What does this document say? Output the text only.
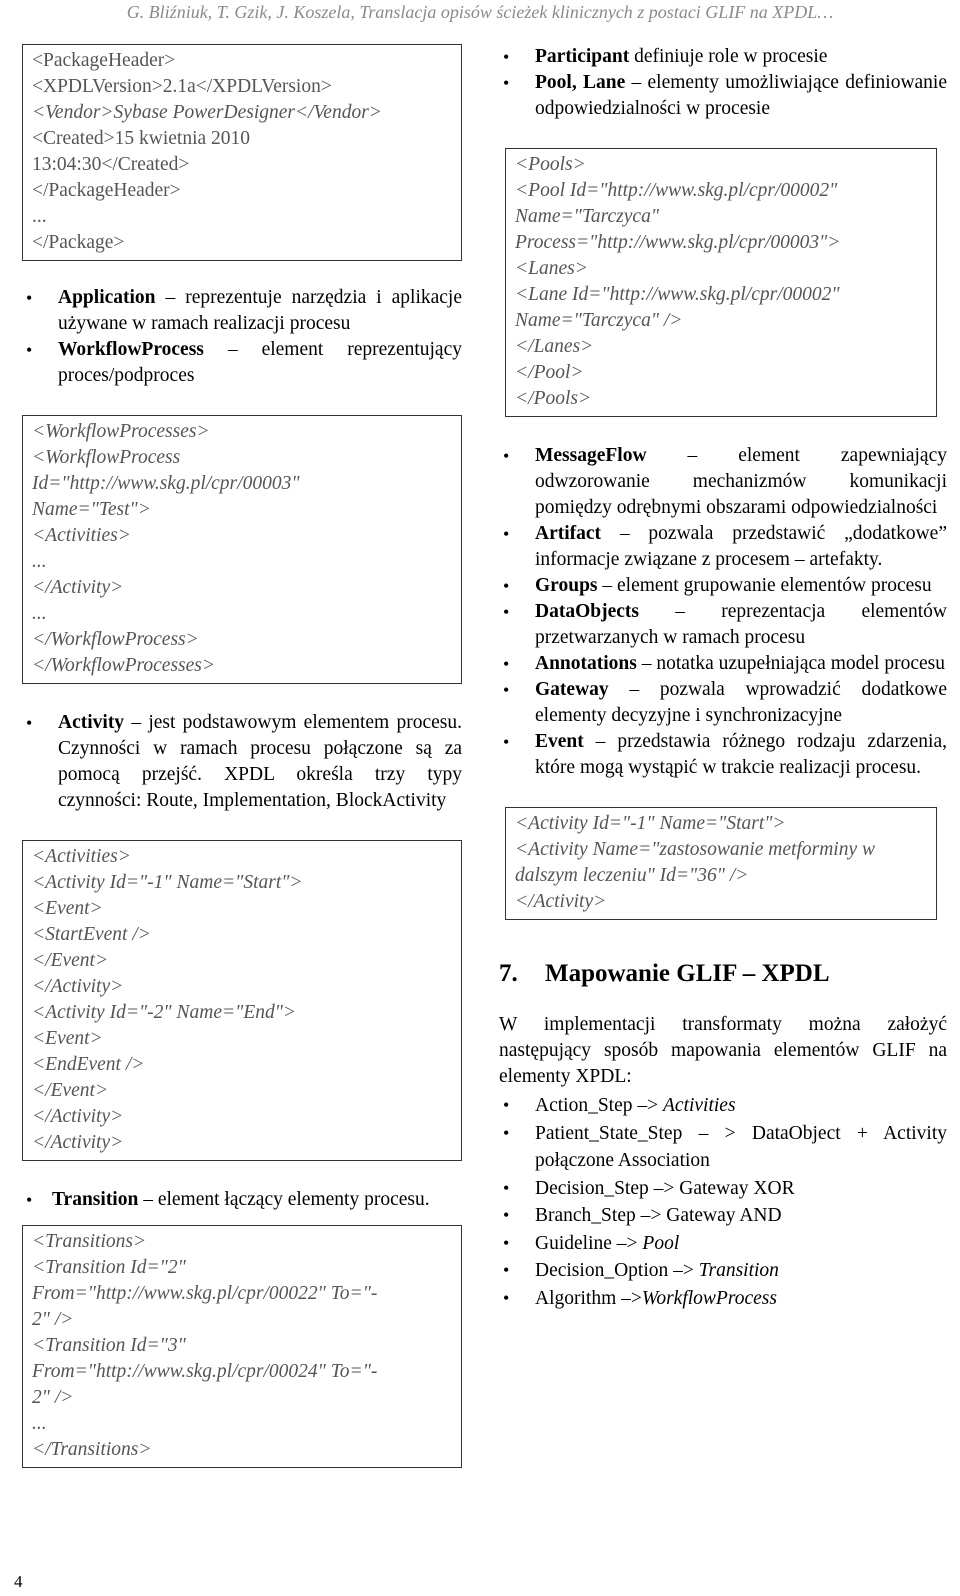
G. Bliźniuk, T. Gzik, J. Koszela, Translacja opisów ścieżek klinicznych z postaci GLIF na XPDL…
<PackageHeader>
<XPDLVersion>2.1a</XPDLVersion>
<Vendor>Sybase PowerDesigner</Vendor>
<Created>15 kwietnia 2010
13:04:30</Created>
</PackageHeader>
...
</Package>
• Application – reprezentuje narzędzia i aplikacje używane w ramach realizacji procesu
• WorkflowProcess – element reprezentujący proces/podproces
<WorkflowProcesses>
<WorkflowProcess
Id="http://www.skg.pl/cpr/00003"
Name="Test">
<Activities>
...
</Activity>
...
</WorkflowProcess>
</WorkflowProcesses>
• Activity – jest podstawowym elementem procesu. Czynności w ramach procesu połączone są za pomocą przejść. XPDL określa trzy typy czynności: Route, Implementation, BlockActivity
<Activities>
<Activity Id="-1" Name="Start">
<Event>
<StartEvent />
</Event>
</Activity>
<Activity Id="-2" Name="End">
<Event>
<EndEvent />
</Event>
</Activity>
</Activity>
• Transition – element łączący elementy procesu.
<Transitions>
<Transition Id="2"
From="http://www.skg.pl/cpr/00022" To="-
2" />
<Transition Id="3"
From="http://www.skg.pl/cpr/00024" To="-
2" />
...
</Transitions>
• Participant definiuje role w procesie
• Pool, Lane – elementy umożliwiające definiowanie odpowiedzialności w procesie
<Pools>
<Pool Id="http://www.skg.pl/cpr/00002"
Name="Tarczyca"
Process="http://www.skg.pl/cpr/00003">
<Lanes>
<Lane Id="http://www.skg.pl/cpr/00002"
Name="Tarczyca" />
</Lanes>
</Pool>
</Pools>
• MessageFlow – element zapewniający odwzorowanie mechanizmów komunikacji pomiędzy odrębnymi obszarami odpowiedzialności
• Artifact – pozwala przedstawić „dodatkowe” informacje związane z procesem – artefakty.
• Groups – element grupowanie elementów procesu
• DataObjects – reprezentacja elementów przetwarzanych w ramach procesu
• Annotations – notatka uzupełniająca model procesu
• Gateway – pozwala wprowadzić dodatkowe elementy decyzyjne i synchronizacyjne
• Event – przedstawia różnego rodzaju zdarzenia, które mogą wystąpić w trakcie realizacji procesu.
<Activity Id="-1" Name="Start">
<Activity Name="zastosowanie metforminy w dalszym leczeniu" Id="36" />
</Activity>
7. Mapowanie GLIF – XPDL

W implementacji transformaty można założyć następujący sposób mapowania elementów GLIF na elementy XPDL:

• Action_Step –> Activities
• Patient_State_Step – > DataObject + Activity połączone Association
• Decision_Step –> Gateway XOR
• Branch_Step –> Gateway AND
• Guideline –> Pool
• Decision_Option –> Transition
• Algorithm –>WorkflowProcess
4
